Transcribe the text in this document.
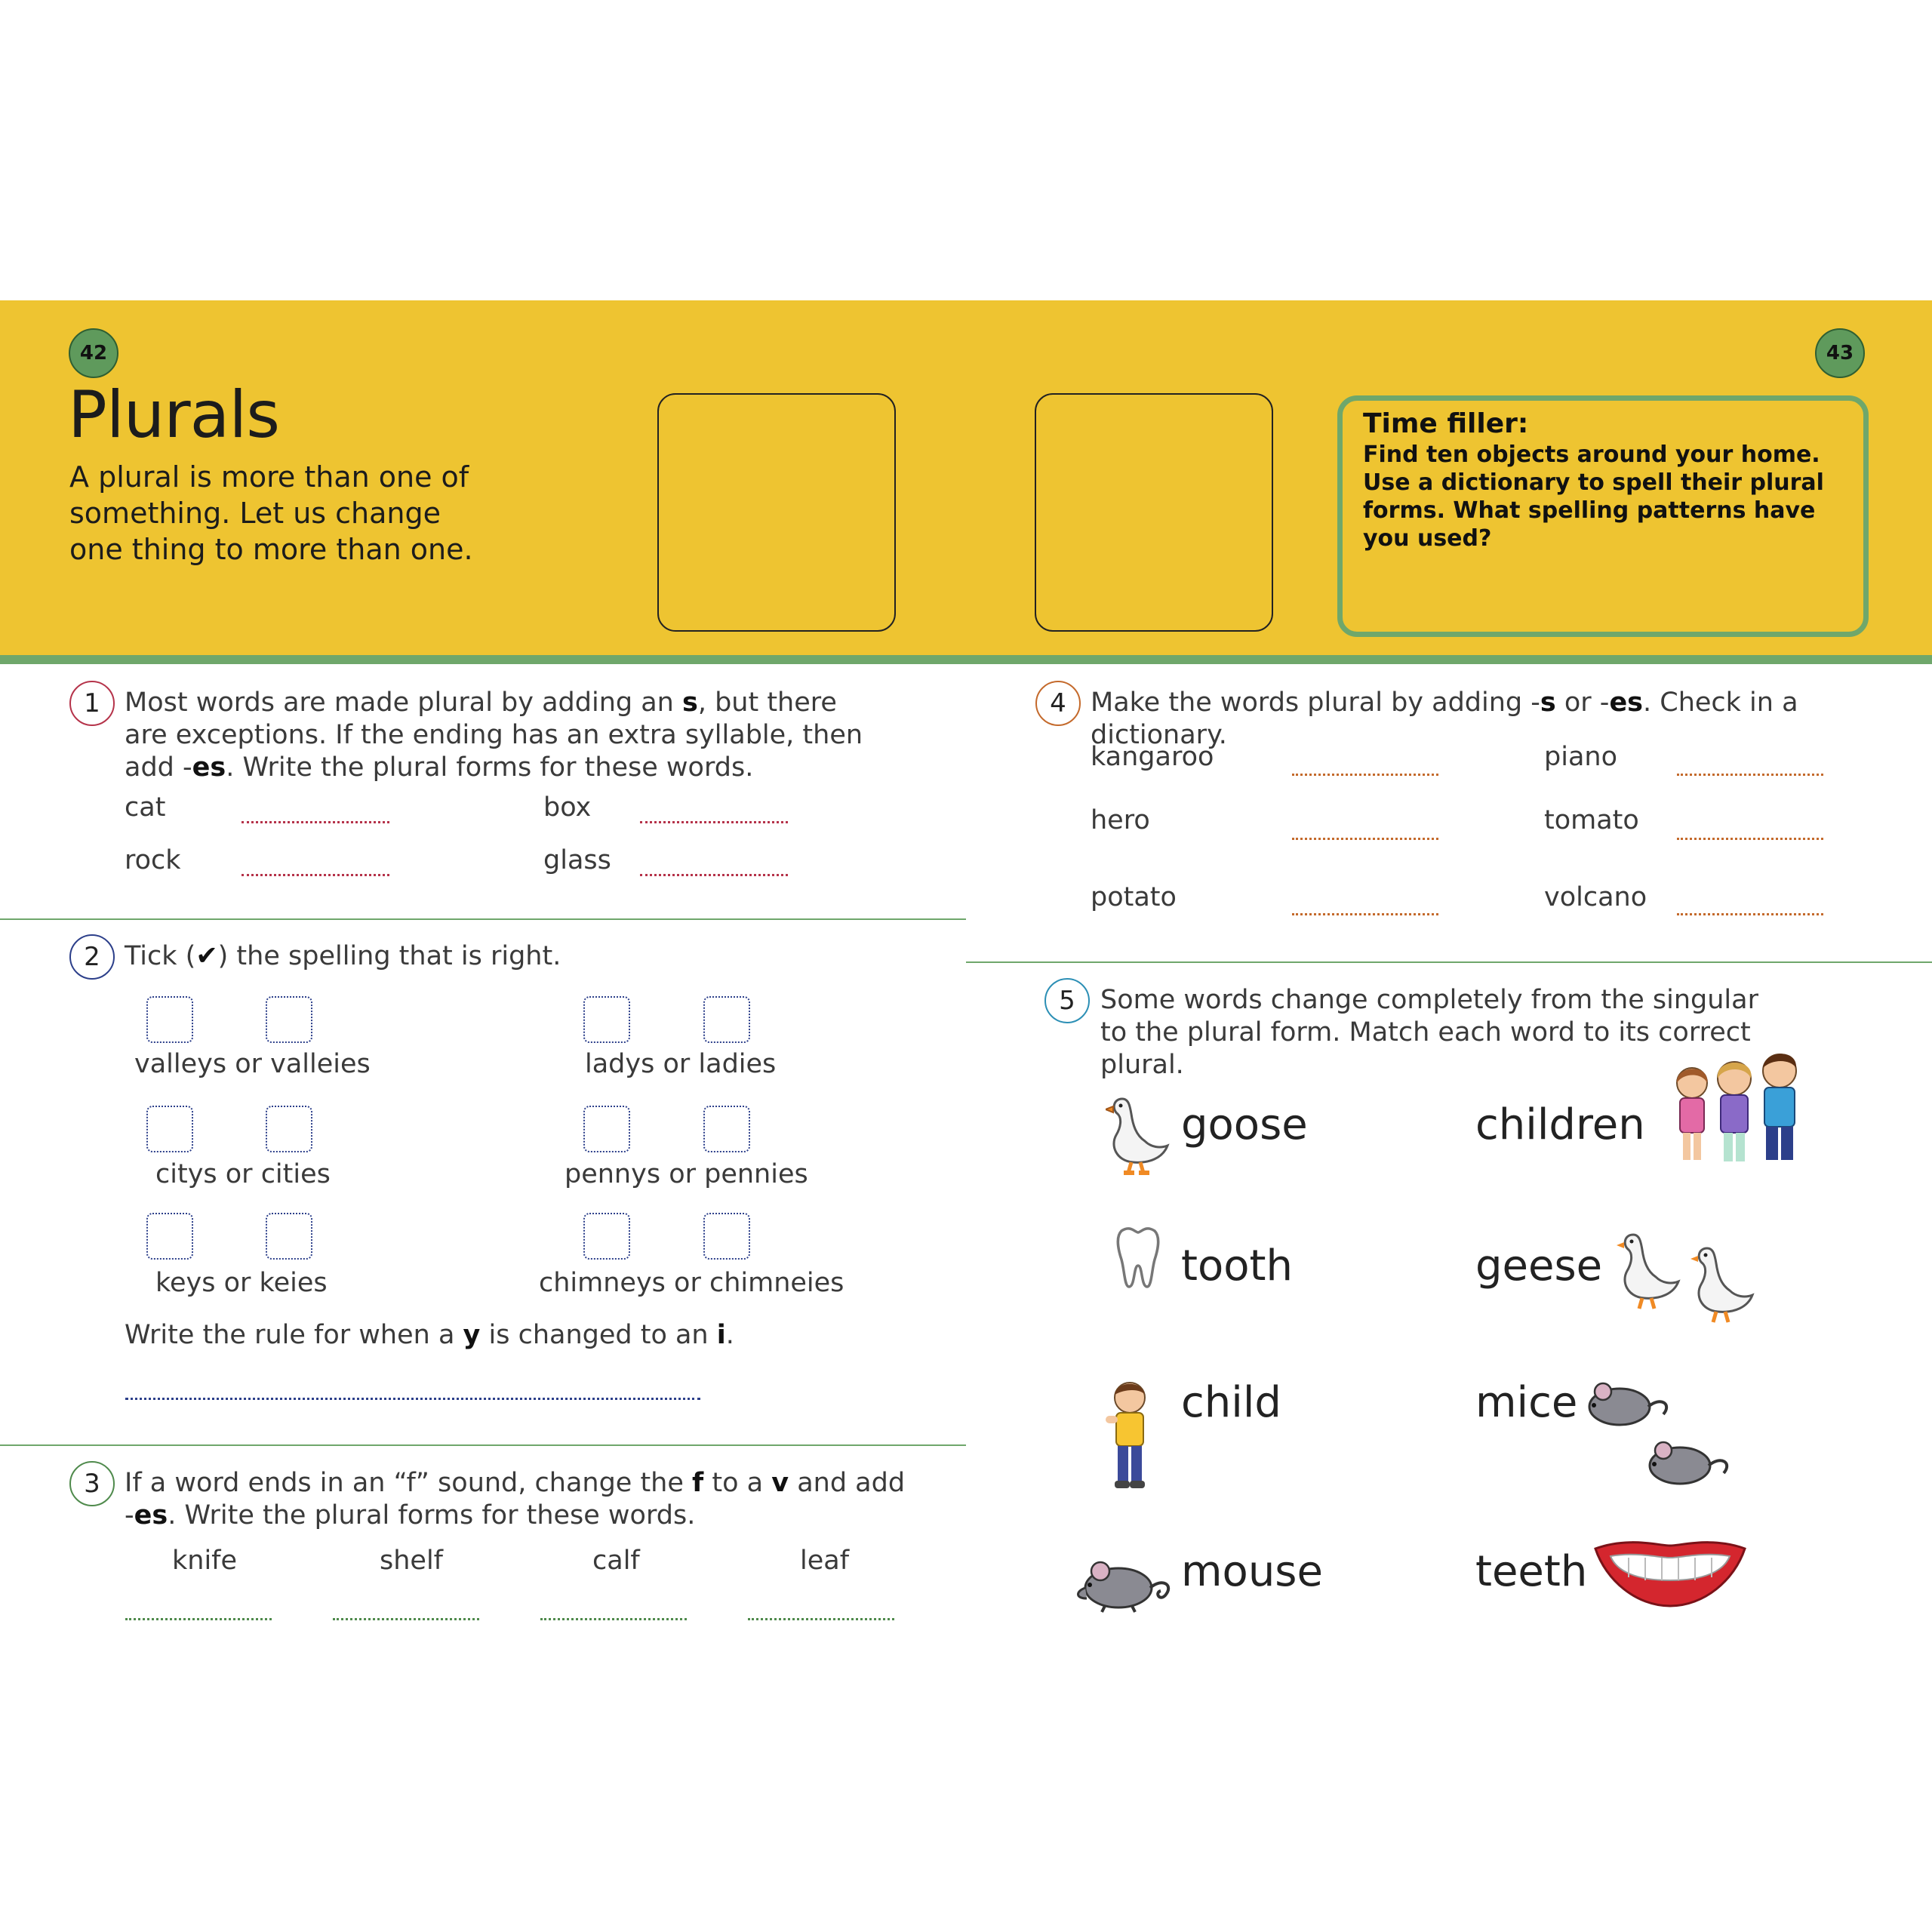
42	43
Plurals
A plural is more than one of something. Let us change one thing to more than one.
Time filler:
Find ten objects around your home. Use a dictionary to spell their plural forms. What spelling patterns have you used?
1 Most words are made plural by adding an s, but there are exceptions. If the ending has an extra syllable, then add -es. Write the plural forms for these words.
cat	box
rock	glass
2 Tick (✔) the spelling that is right.
valleys or valleies	ladys or ladies
citys or cities	pennys or pennies
keys or keies	chimneys or chimneies
Write the rule for when a y is changed to an i.
3 If a word ends in an “f” sound, change the f to a v and add -es. Write the plural forms for these words.
knife	shelf	calf	leaf
4 Make the words plural by adding -s or -es. Check in a dictionary.
kangaroo	piano
hero	tomato
potato	volcano
5 Some words change completely from the singular to the plural form. Match each word to its correct plural.
goose
tooth
child
mouse
children
geese
mice
teeth
